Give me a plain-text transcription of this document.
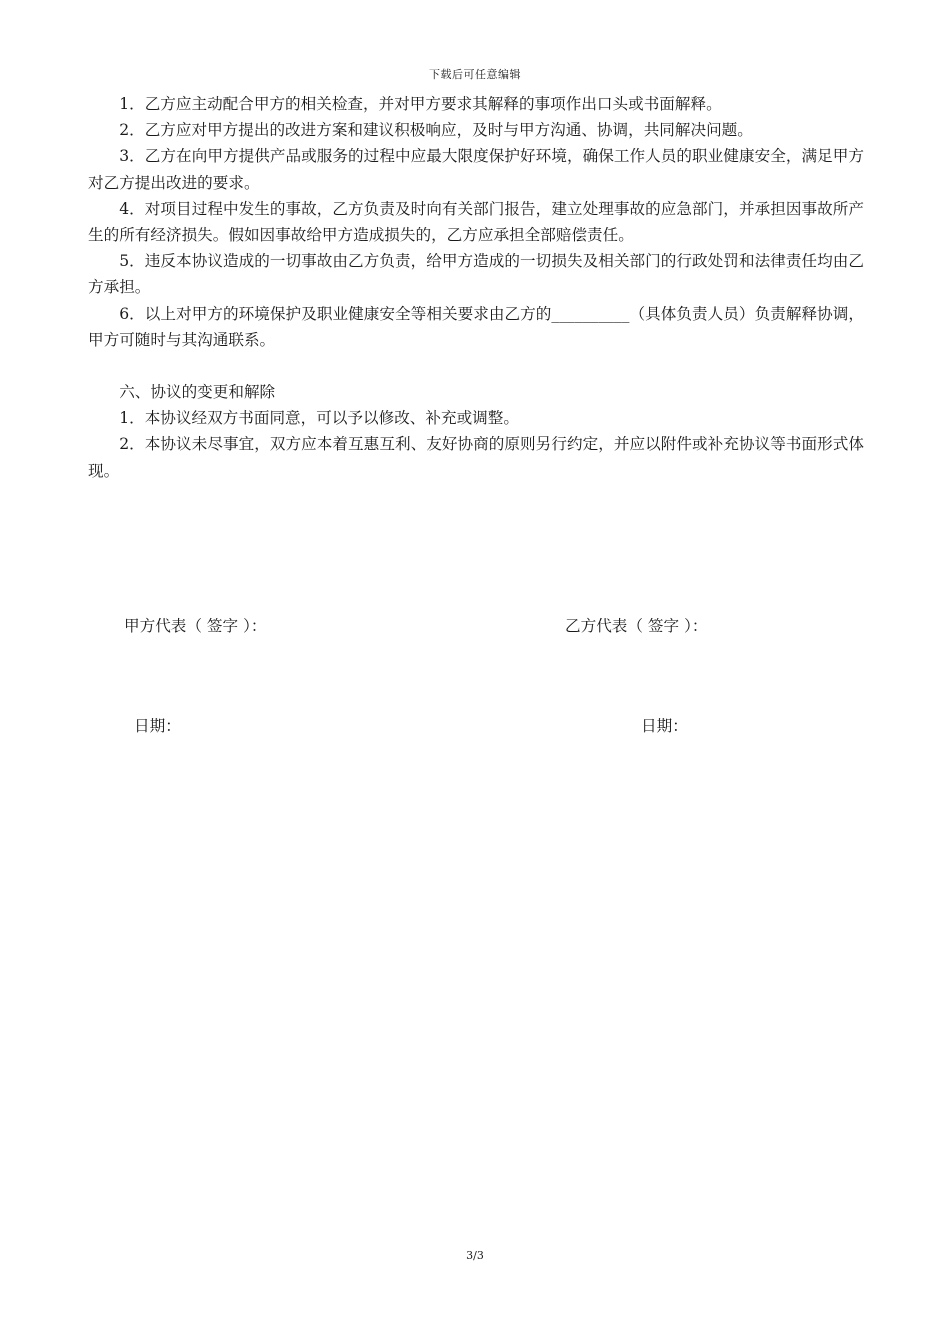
下载后可任意编辑

1．乙方应主动配合甲方的相关检查，并对甲方要求其解释的事项作出口头或书面解释。

2．乙方应对甲方提出的改进方案和建议积极响应，及时与甲方沟通、协调，共同解决问题。

3．乙方在向甲方提供产品或服务的过程中应最大限度保护好环境，确保工作人员的职业健康安全，满足甲方对乙方提出改进的要求。

4．对项目过程中发生的事故，乙方负责及时向有关部门报告，建立处理事故的应急部门，并承担因事故所产生的所有经济损失。假如因事故给甲方造成损失的，乙方应承担全部赔偿责任。

5．违反本协议造成的一切事故由乙方负责，给甲方造成的一切损失及相关部门的行政处罚和法律责任均由乙方承担。

6．以上对甲方的环境保护及职业健康安全等相关要求由乙方的__________（具体负责人员）负责解释协调，甲方可随时与其沟通联系。

六、协议的变更和解除

1．本协议经双方书面同意，可以予以修改、补充或调整。

2．本协议未尽事宜，双方应本着互惠互利、友好协商的原则另行约定，并应以附件或补充协议等书面形式体现。

甲方代表（ 签字 ）：	乙方代表（ 签字 ）：
日期：	日期：
3/3
